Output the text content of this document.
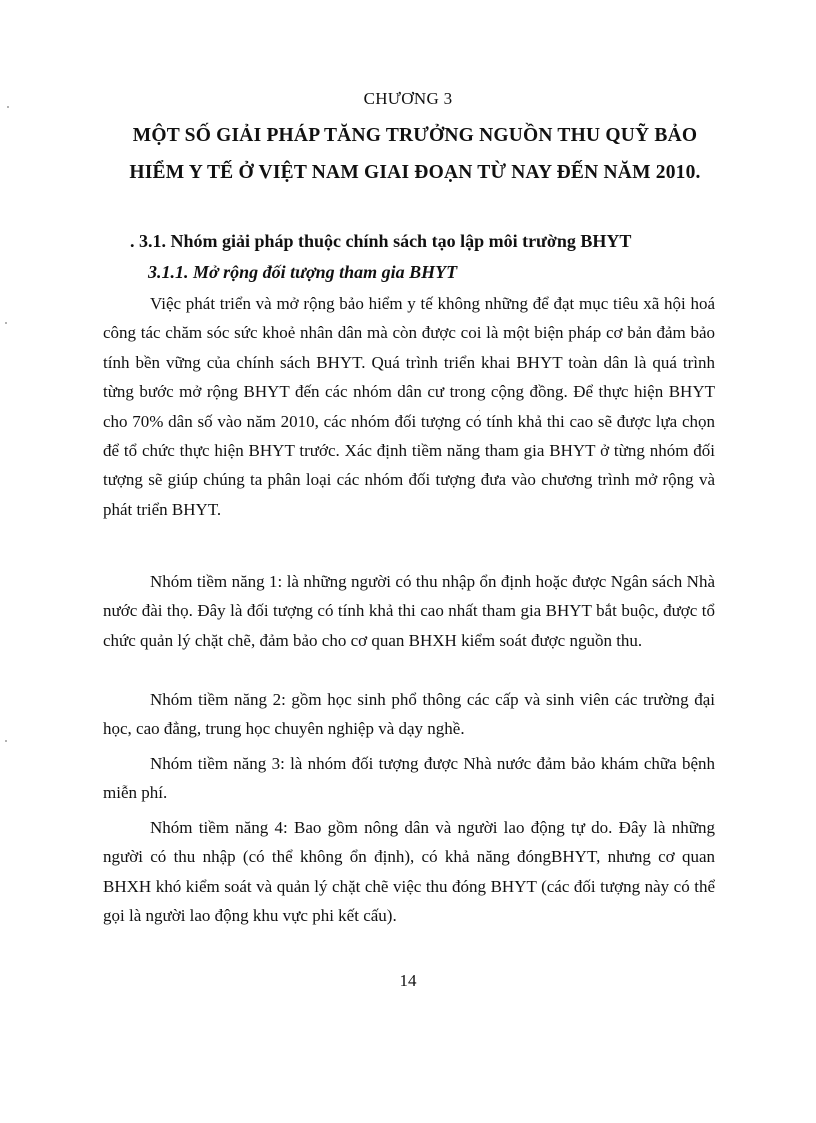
CHƯƠNG 3
MỘT SỐ GIẢI PHÁP TĂNG TRƯỞNG NGUỒN THU QUỸ BẢO
HIỂM Y TẾ Ở VIỆT NAM GIAI ĐOẠN TỪ NAY ĐẾN NĂM 2010.
. 3.1. Nhóm giải pháp thuộc chính sách tạo lập môi trường BHYT
3.1.1. Mở rộng đối tượng tham gia BHYT

Việc phát triển và mở rộng bảo hiểm y tế không những để đạt mục tiêu xã hội hoá công tác chăm sóc sức khoẻ nhân dân mà còn được coi là một biện pháp cơ bản đảm bảo tính bền vững của chính sách BHYT. Quá trình triển khai BHYT toàn dân là quá trình từng bước mở rộng BHYT đến các nhóm dân cư trong cộng đồng. Để thực hiện BHYT cho 70% dân số vào năm 2010, các nhóm đối tượng có tính khả thi cao sẽ được lựa chọn để tổ chức thực hiện BHYT trước. Xác định tiềm năng tham gia BHYT ở từng nhóm đối tượng sẽ giúp chúng ta phân loại các nhóm đối tượng đưa vào chương trình mở rộng và phát triển BHYT.

Nhóm tiềm năng 1: là những người có thu nhập ổn định hoặc được Ngân sách Nhà nước đài thọ. Đây là đối tượng có tính khả thi cao nhất tham gia BHYT bắt buộc, được tổ chức quản lý chặt chẽ, đảm bảo cho cơ quan BHXH kiểm soát được nguồn thu.

Nhóm tiềm năng 2: gồm học sinh phổ thông các cấp và sinh viên các trường đại học, cao đẳng, trung học chuyên nghiệp và dạy nghề.

Nhóm tiềm năng 3: là nhóm đối tượng được Nhà nước đảm bảo khám chữa bệnh miễn phí.

Nhóm tiềm năng 4: Bao gồm nông dân và người lao động tự do. Đây là những người có thu nhập (có thể không ổn định), có khả năng đóngBHYT, nhưng cơ quan BHXH khó kiểm soát và quản lý chặt chẽ việc thu đóng BHYT (các đối tượng này có thể gọi là người lao động khu vực phi kết cấu).

14
